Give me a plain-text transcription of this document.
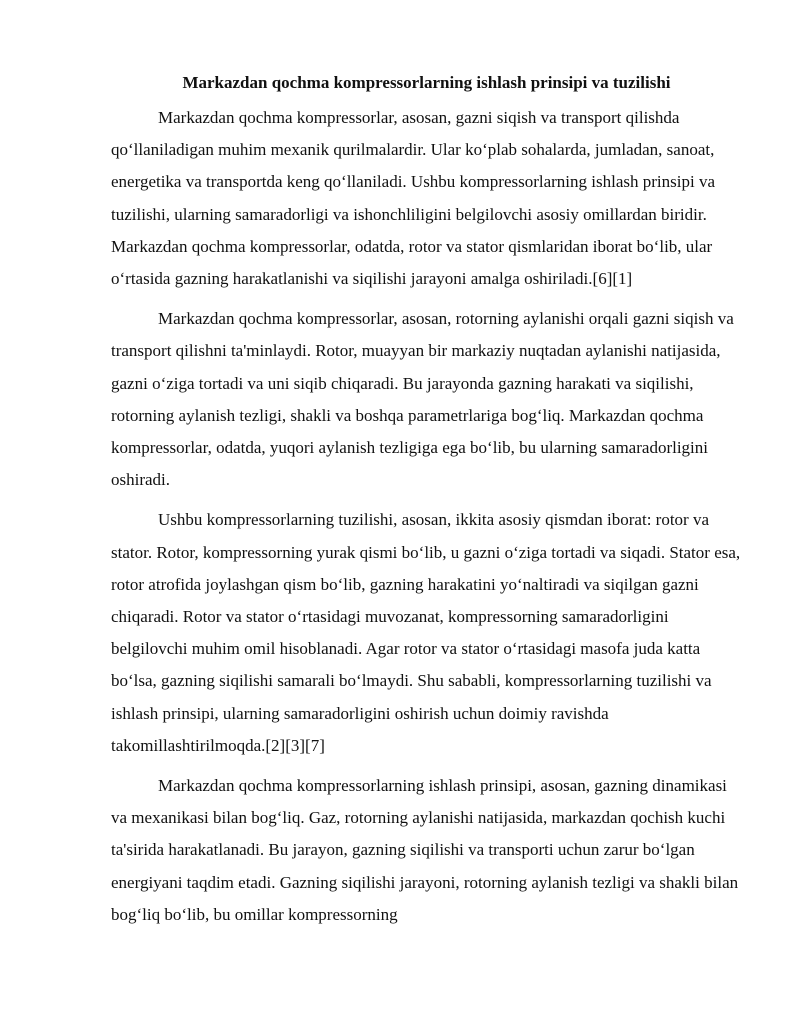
Markazdan qochma kompressorlarning ishlash prinsipi va tuzilishi

Markazdan qochma kompressorlar, asosan, gazni siqish va transport qilishda qo‘llaniladigan muhim mexanik qurilmalardir. Ular ko‘plab sohalarda, jumladan, sanoat, energetika va transportda keng qo‘llaniladi. Ushbu kompressorlarning ishlash prinsipi va tuzilishi, ularning samaradorligi va ishonchliligini belgilovchi asosiy omillardan biridir. Markazdan qochma kompressorlar, odatda, rotor va stator qismlaridan iborat bo‘lib, ular o‘rtasida gazning harakatlanishi va siqilishi jarayoni amalga oshiriladi.[6][1]

Markazdan qochma kompressorlar, asosan, rotorning aylanishi orqali gazni siqish va transport qilishni ta'minlaydi. Rotor, muayyan bir markaziy nuqtadan aylanishi natijasida, gazni o‘ziga tortadi va uni siqib chiqaradi. Bu jarayonda gazning harakati va siqilishi, rotorning aylanish tezligi, shakli va boshqa parametrlariga bog‘liq. Markazdan qochma kompressorlar, odatda, yuqori aylanish tezligiga ega bo‘lib, bu ularning samaradorligini oshiradi.

Ushbu kompressorlarning tuzilishi, asosan, ikkita asosiy qismdan iborat: rotor va stator. Rotor, kompressorning yurak qismi bo‘lib, u gazni o‘ziga tortadi va siqadi. Stator esa, rotor atrofida joylashgan qism bo‘lib, gazning harakatini yo‘naltiradi va siqilgan gazni chiqaradi. Rotor va stator o‘rtasidagi muvozanat, kompressorning samaradorligini belgilovchi muhim omil hisoblanadi. Agar rotor va stator o‘rtasidagi masofa juda katta bo‘lsa, gazning siqilishi samarali bo‘lmaydi. Shu sababli, kompressorlarning tuzilishi va ishlash prinsipi, ularning samaradorligini oshirish uchun doimiy ravishda takomillashtirilmoqda.[2][3][7]

Markazdan qochma kompressorlarning ishlash prinsipi, asosan, gazning dinamikasi va mexanikasi bilan bog‘liq. Gaz, rotorning aylanishi natijasida, markazdan qochish kuchi ta'sirida harakatlanadi. Bu jarayon, gazning siqilishi va transporti uchun zarur bo‘lgan energiyani taqdim etadi. Gazning siqilishi jarayoni, rotorning aylanish tezligi va shakli bilan bog‘liq bo‘lib, bu omillar kompressorning
